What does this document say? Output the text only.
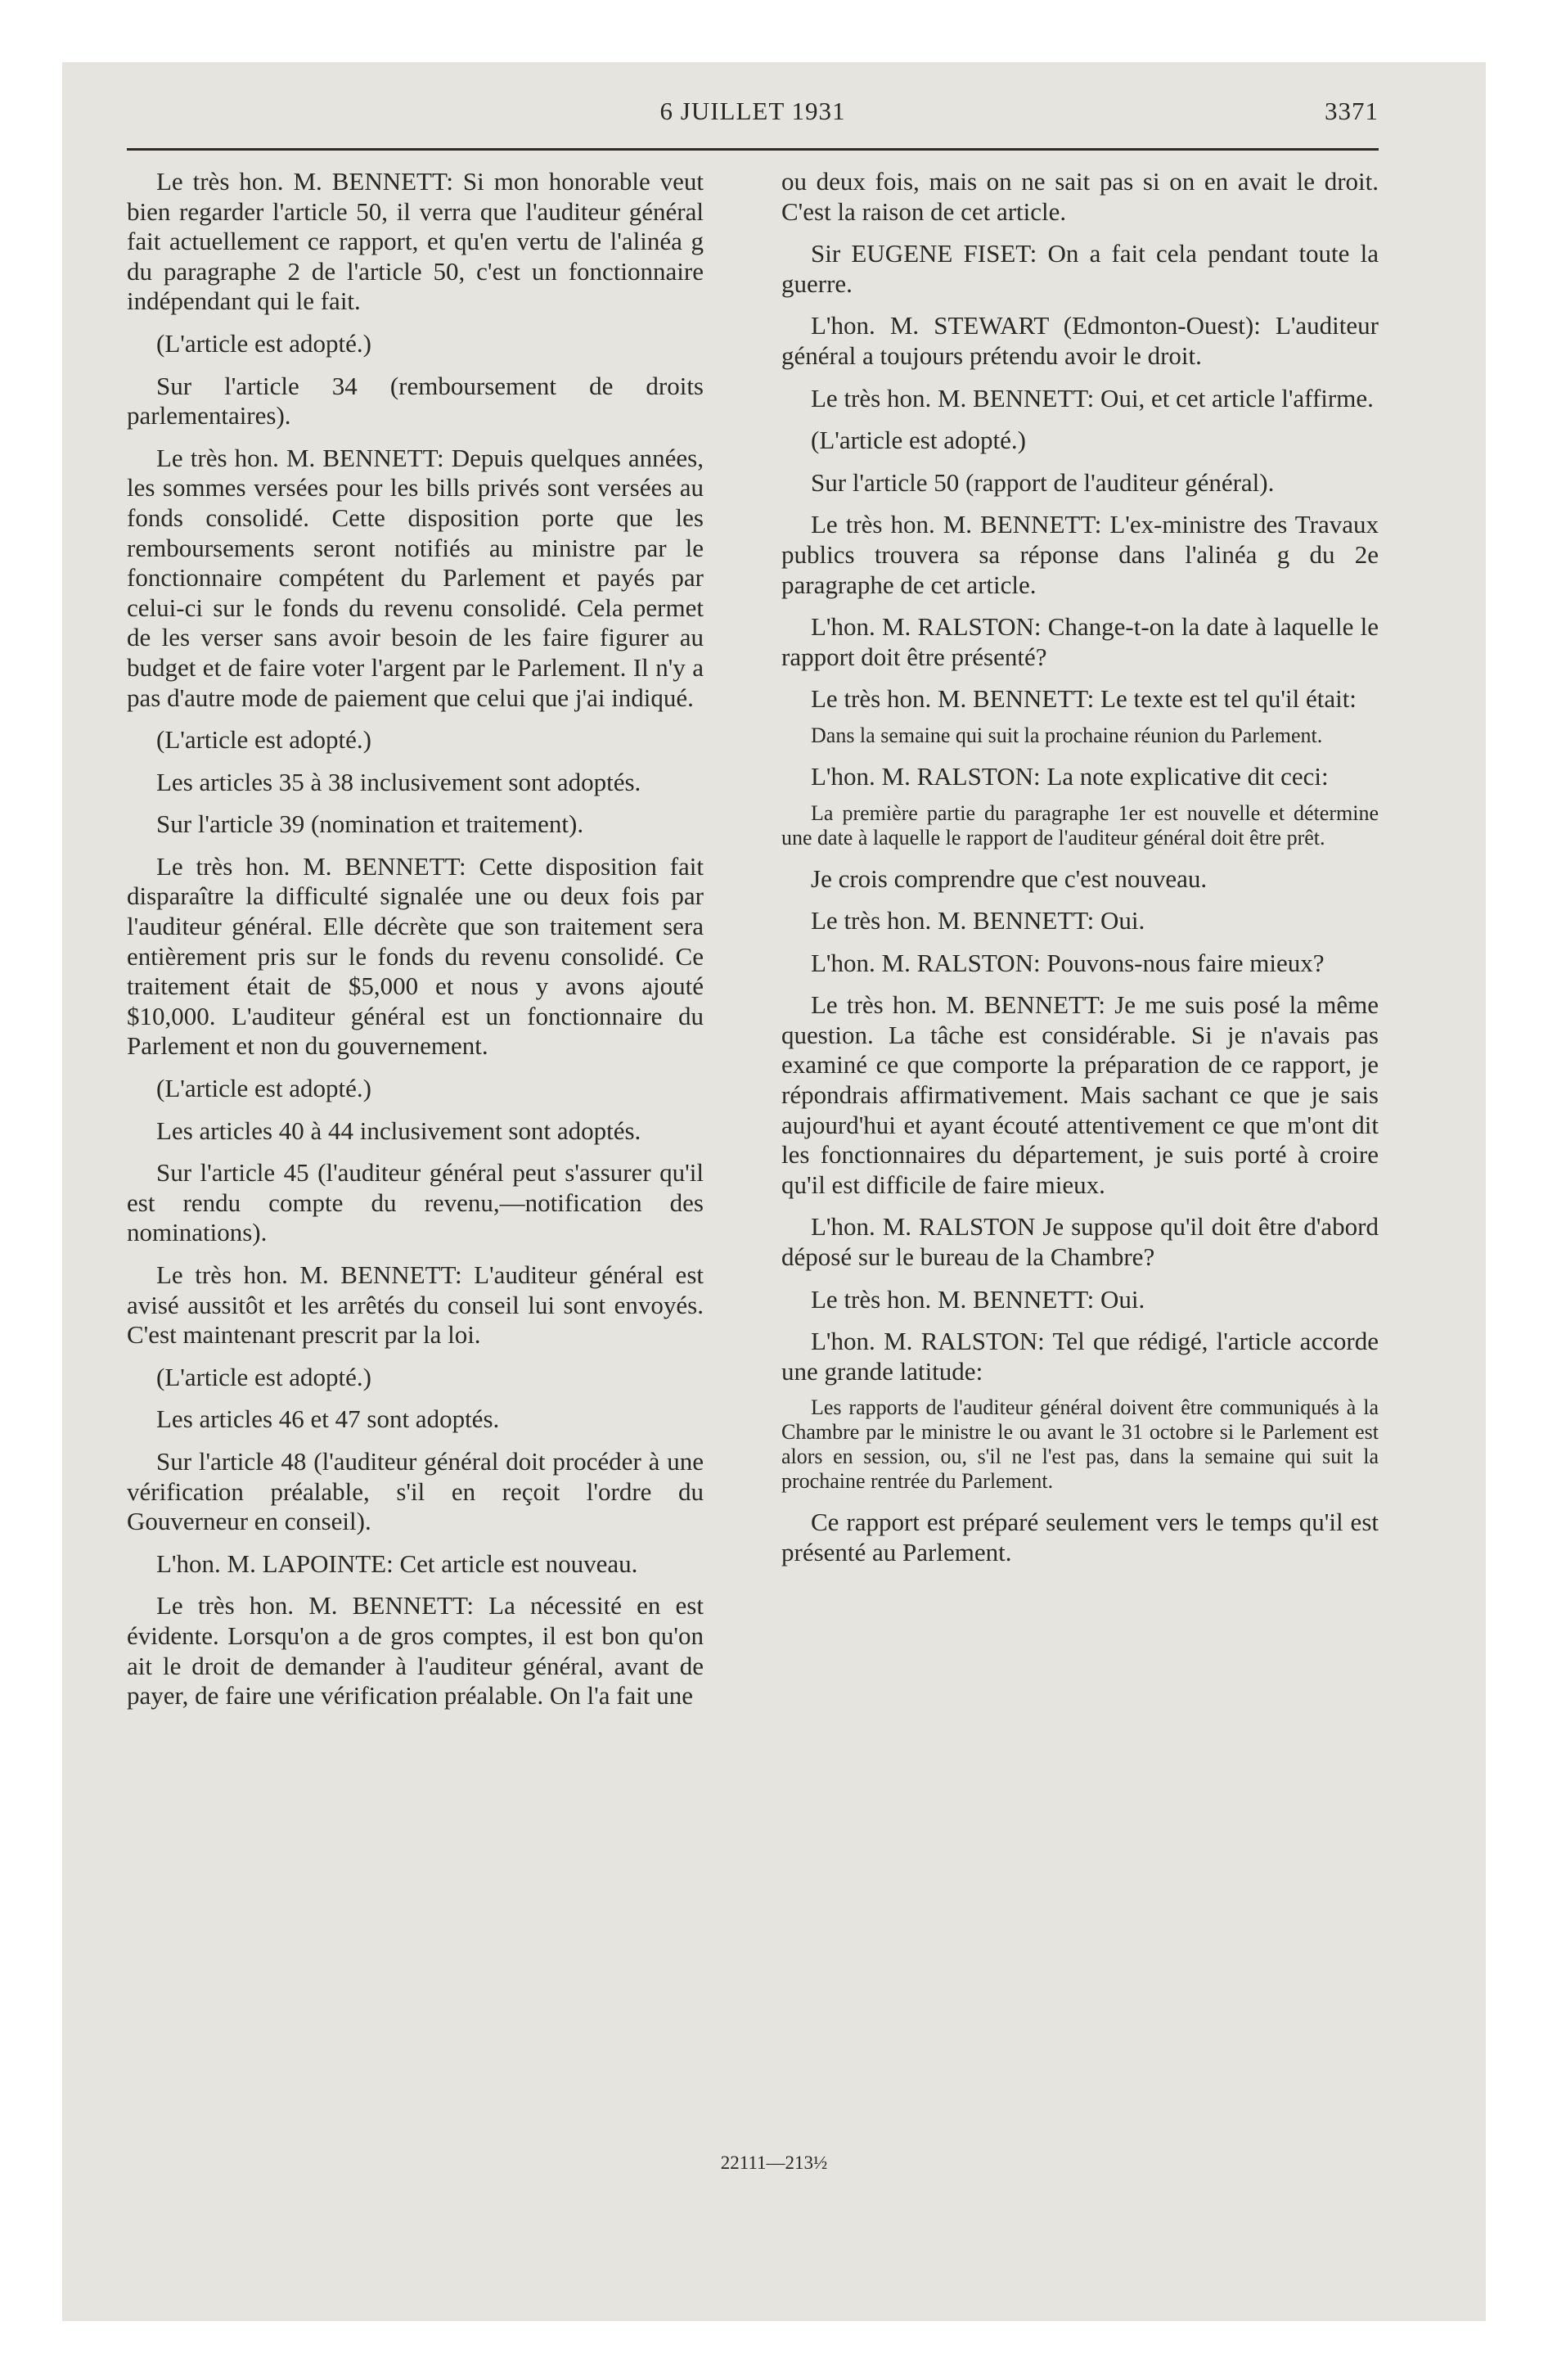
6 JUILLET 1931	3371

Le très hon. M. BENNETT: Si mon honorable veut bien regarder l'article 50, il verra que l'auditeur général fait actuellement ce rapport, et qu'en vertu de l'alinéa g du paragraphe 2 de l'article 50, c'est un fonctionnaire indépendant qui le fait.

(L'article est adopté.)

Sur l'article 34 (remboursement de droits parlementaires).

Le très hon. M. BENNETT: Depuis quelques années, les sommes versées pour les bills privés sont versées au fonds consolidé. Cette disposition porte que les remboursements seront notifiés au ministre par le fonctionnaire compétent du Parlement et payés par celui-ci sur le fonds du revenu consolidé. Cela permet de les verser sans avoir besoin de les faire figurer au budget et de faire voter l'argent par le Parlement. Il n'y a pas d'autre mode de paiement que celui que j'ai indiqué.

(L'article est adopté.)

Les articles 35 à 38 inclusivement sont adoptés.

Sur l'article 39 (nomination et traitement).

Le très hon. M. BENNETT: Cette disposition fait disparaître la difficulté signalée une ou deux fois par l'auditeur général. Elle décrète que son traitement sera entièrement pris sur le fonds du revenu consolidé. Ce traitement était de $5,000 et nous y avons ajouté $10,000. L'auditeur général est un fonctionnaire du Parlement et non du gouvernement.

(L'article est adopté.)

Les articles 40 à 44 inclusivement sont adoptés.

Sur l'article 45 (l'auditeur général peut s'assurer qu'il est rendu compte du revenu,—notification des nominations).

Le très hon. M. BENNETT: L'auditeur général est avisé aussitôt et les arrêtés du conseil lui sont envoyés. C'est maintenant prescrit par la loi.

(L'article est adopté.)

Les articles 46 et 47 sont adoptés.

Sur l'article 48 (l'auditeur général doit procéder à une vérification préalable, s'il en reçoit l'ordre du Gouverneur en conseil).

L'hon. M. LAPOINTE: Cet article est nouveau.

Le très hon. M. BENNETT: La nécessité en est évidente. Lorsqu'on a de gros comptes, il est bon qu'on ait le droit de demander à l'auditeur général, avant de payer, de faire une vérification préalable. On l'a fait une

ou deux fois, mais on ne sait pas si on en avait le droit. C'est la raison de cet article.

Sir EUGENE FISET: On a fait cela pendant toute la guerre.

L'hon. M. STEWART (Edmonton-Ouest): L'auditeur général a toujours prétendu avoir le droit.

Le très hon. M. BENNETT: Oui, et cet article l'affirme.

(L'article est adopté.)

Sur l'article 50 (rapport de l'auditeur général).

Le très hon. M. BENNETT: L'ex-ministre des Travaux publics trouvera sa réponse dans l'alinéa g du 2e paragraphe de cet article.

L'hon. M. RALSTON: Change-t-on la date à laquelle le rapport doit être présenté?

Le très hon. M. BENNETT: Le texte est tel qu'il était:

Dans la semaine qui suit la prochaine réunion du Parlement.

L'hon. M. RALSTON: La note explicative dit ceci:

La première partie du paragraphe 1er est nouvelle et détermine une date à laquelle le rapport de l'auditeur général doit être prêt.

Je crois comprendre que c'est nouveau.

Le très hon. M. BENNETT: Oui.

L'hon. M. RALSTON: Pouvons-nous faire mieux?

Le très hon. M. BENNETT: Je me suis posé la même question. La tâche est considérable. Si je n'avais pas examiné ce que comporte la préparation de ce rapport, je répondrais affirmativement. Mais sachant ce que je sais aujourd'hui et ayant écouté attentivement ce que m'ont dit les fonctionnaires du département, je suis porté à croire qu'il est difficile de faire mieux.

L'hon. M. RALSTON Je suppose qu'il doit être d'abord déposé sur le bureau de la Chambre?

Le très hon. M. BENNETT: Oui.

L'hon. M. RALSTON: Tel que rédigé, l'article accorde une grande latitude:

Les rapports de l'auditeur général doivent être communiqués à la Chambre par le ministre le ou avant le 31 octobre si le Parlement est alors en session, ou, s'il ne l'est pas, dans la semaine qui suit la prochaine rentrée du Parlement.

Ce rapport est préparé seulement vers le temps qu'il est présenté au Parlement.

22111—213½
